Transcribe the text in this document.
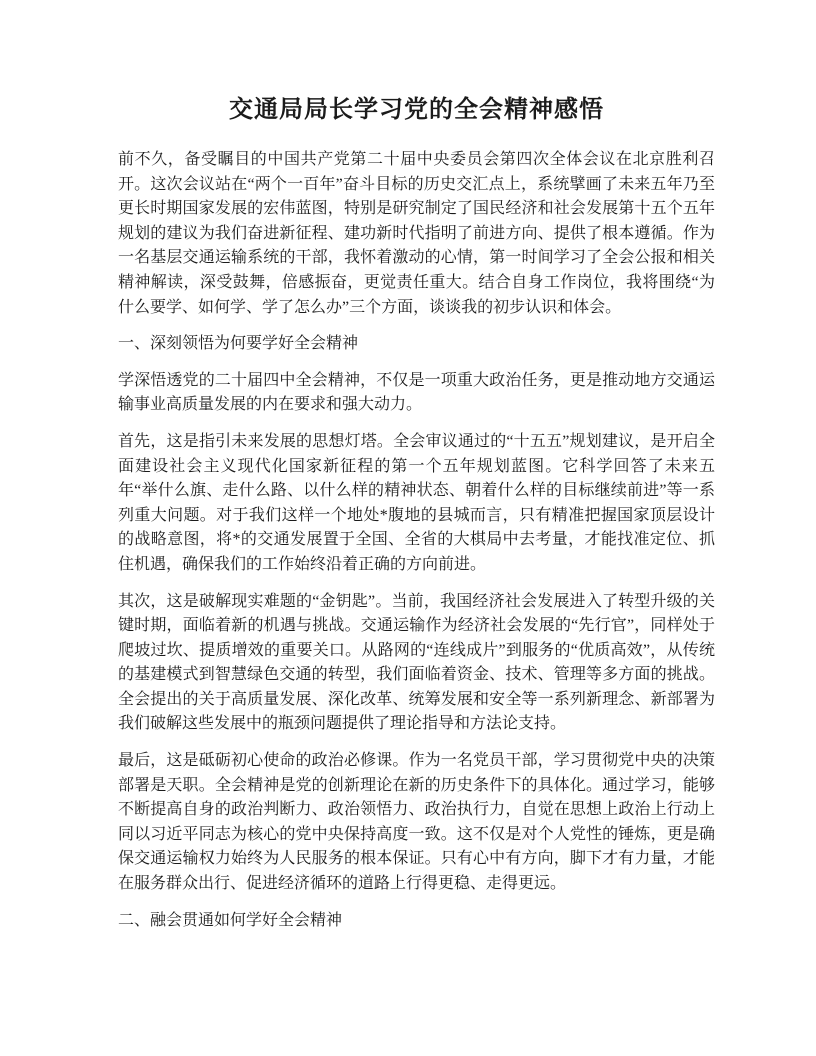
交通局局长学习党的全会精神感悟

前不久，备受瞩目的中国共产党第二十届中央委员会第四次全体会议在北京胜利召开。这次会议站在“两个一百年”奋斗目标的历史交汇点上，系统擘画了未来五年乃至更长时期国家发展的宏伟蓝图，特别是研究制定了国民经济和社会发展第十五个五年规划的建议为我们奋进新征程、建功新时代指明了前进方向、提供了根本遵循。作为一名基层交通运输系统的干部，我怀着激动的心情，第一时间学习了全会公报和相关精神解读，深受鼓舞，倍感振奋，更觉责任重大。结合自身工作岗位，我将围绕“为什么要学、如何学、学了怎么办”三个方面，谈谈我的初步认识和体会。

一、深刻领悟为何要学好全会精神

学深悟透党的二十届四中全会精神，不仅是一项重大政治任务，更是推动地方交通运输事业高质量发展的内在要求和强大动力。

首先，这是指引未来发展的思想灯塔。全会审议通过的“十五五”规划建议，是开启全面建设社会主义现代化国家新征程的第一个五年规划蓝图。它科学回答了未来五年“举什么旗、走什么路、以什么样的精神状态、朝着什么样的目标继续前进”等一系列重大问题。对于我们这样一个地处*腹地的县城而言，只有精准把握国家顶层设计的战略意图，将*的交通发展置于全国、全省的大棋局中去考量，才能找准定位、抓住机遇，确保我们的工作始终沿着正确的方向前进。

其次，这是破解现实难题的“金钥匙”。当前，我国经济社会发展进入了转型升级的关键时期，面临着新的机遇与挑战。交通运输作为经济社会发展的“先行官”，同样处于爬坡过坎、提质增效的重要关口。从路网的“连线成片”到服务的“优质高效”，从传统的基建模式到智慧绿色交通的转型，我们面临着资金、技术、管理等多方面的挑战。全会提出的关于高质量发展、深化改革、统筹发展和安全等一系列新理念、新部署为我们破解这些发展中的瓶颈问题提供了理论指导和方法论支持。

最后，这是砥砺初心使命的政治必修课。作为一名党员干部，学习贯彻党中央的决策部署是天职。全会精神是党的创新理论在新的历史条件下的具体化。通过学习，能够不断提高自身的政治判断力、政治领悟力、政治执行力，自觉在思想上政治上行动上同以习近平同志为核心的党中央保持高度一致。这不仅是对个人党性的锤炼，更是确保交通运输权力始终为人民服务的根本保证。只有心中有方向，脚下才有力量，才能在服务群众出行、促进经济循环的道路上行得更稳、走得更远。

二、融会贯通如何学好全会精神
